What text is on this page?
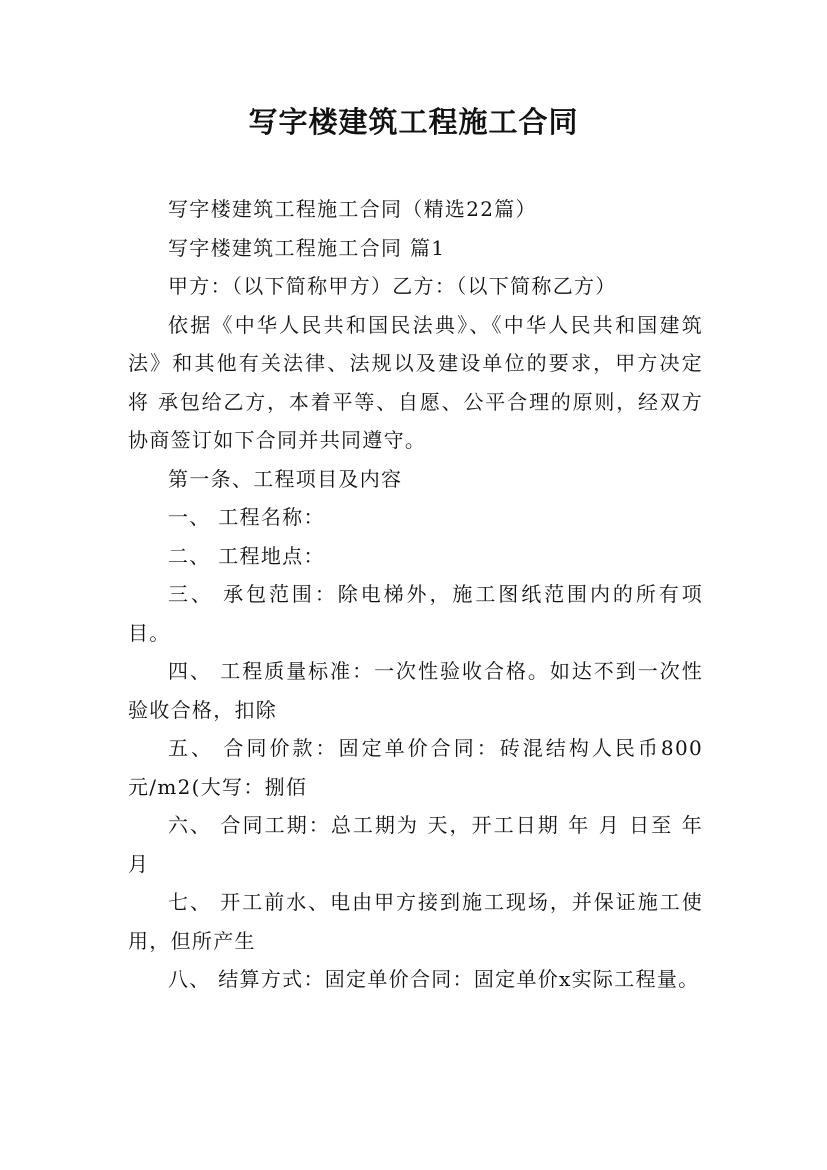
写字楼建筑工程施工合同

写字楼建筑工程施工合同（精选22篇）

写字楼建筑工程施工合同 篇1

甲方：（以下简称甲方）乙方：（以下简称乙方）

依据《中华人民共和国民法典》、《中华人民共和国建筑法》和其他有关法律、法规以及建设单位的要求，甲方决定将 承包给乙方，本着平等、自愿、公平合理的原则，经双方协商签订如下合同并共同遵守。

第一条、工程项目及内容

一、 工程名称：

二、 工程地点：

三、 承包范围：除电梯外，施工图纸范围内的所有项目。

四、 工程质量标准：一次性验收合格。如达不到一次性验收合格，扣除

五、 合同价款：固定单价合同：砖混结构人民币800元/m2(大写：捌佰

六、 合同工期：总工期为 天，开工日期 年 月 日至 年 月

七、 开工前水、电由甲方接到施工现场，并保证施工使用，但所产生

八、 结算方式：固定单价合同：固定单价x实际工程量。
